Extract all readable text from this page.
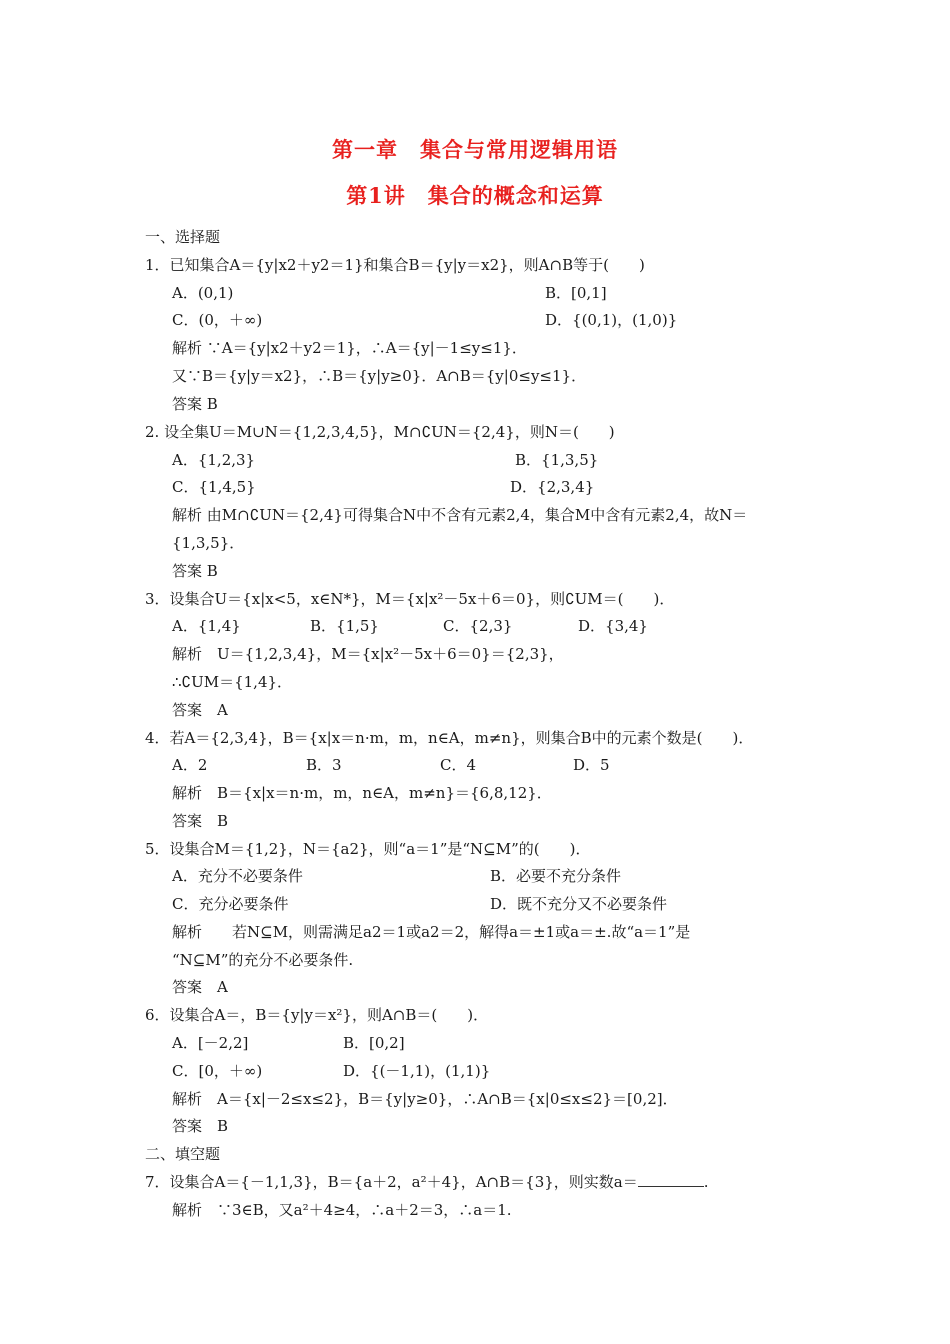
第一章　集合与常用逻辑用语
第1讲　集合的概念和运算
一、选择题
1．已知集合A＝{y|x2＋y2＝1}和集合B＝{y|y＝x2}，则A∩B等于(　　)
A．(0,1)	B．[0,1]
C．(0，＋∞)	D．{(0,1)，(1,0)}
解析 ∵A＝{y|x2＋y2＝1}，∴A＝{y|－1≤y≤1}．
又∵B＝{y|y＝x2}，∴B＝{y|y≥0}．A∩B＝{y|0≤y≤1}．
答案 B
2. 设全集U＝M∪N＝{1,2,3,4,5}，M∩∁UN＝{2,4}，则N＝(　　)
A．{1,2,3}	B．{1,3,5}
C．{1,4,5}	D．{2,3,4}
解析 由M∩∁UN＝{2,4}可得集合N中不含有元素2,4，集合M中含有元素2,4，故N＝
{1,3,5}．
答案 B
3．设集合U＝{x|x<5，x∈N*}，M＝{x|x²－5x＋6＝0}，则∁UM＝(　　)．
A．{1,4}	B．{1,5}	C．{2,3}	D．{3,4}
解析　U＝{1,2,3,4}，M＝{x|x²－5x＋6＝0}＝{2,3}，
∴∁UM＝{1,4}．
答案　A
4．若A＝{2,3,4}，B＝{x|x＝n·m，m，n∈A，m≠n}，则集合B中的元素个数是(　　)．
A．2	B．3	C．4	D．5
解析　B＝{x|x＝n·m，m，n∈A，m≠n}＝{6,8,12}．
答案　B
5．设集合M＝{1,2}，N＝{a2}，则“a＝1”是“N⊆M”的(　　)．
A．充分不必要条件	B．必要不充分条件
C．充分必要条件	D．既不充分又不必要条件
解析　　若N⊆M，则需满足a2＝1或a2＝2，解得a＝±1或a＝±.故“a＝1”是
“N⊆M”的充分不必要条件.
答案　A
6．设集合A＝，B＝{y|y＝x²}，则A∩B＝(　　)．
A．[－2,2]	B．[0,2]
C．[0，＋∞)	D．{(－1,1)，(1,1)}
解析　A＝{x|－2≤x≤2}，B＝{y|y≥0}，∴A∩B＝{x|0≤x≤2}＝[0,2]．
答案　B
二、填空题
7．设集合A＝{－1,1,3}，B＝{a＋2，a²＋4}，A∩B＝{3}，则实数a＝	.
解析　∵3∈B，又a²＋4≥4，∴a＋2＝3，∴a＝1.
